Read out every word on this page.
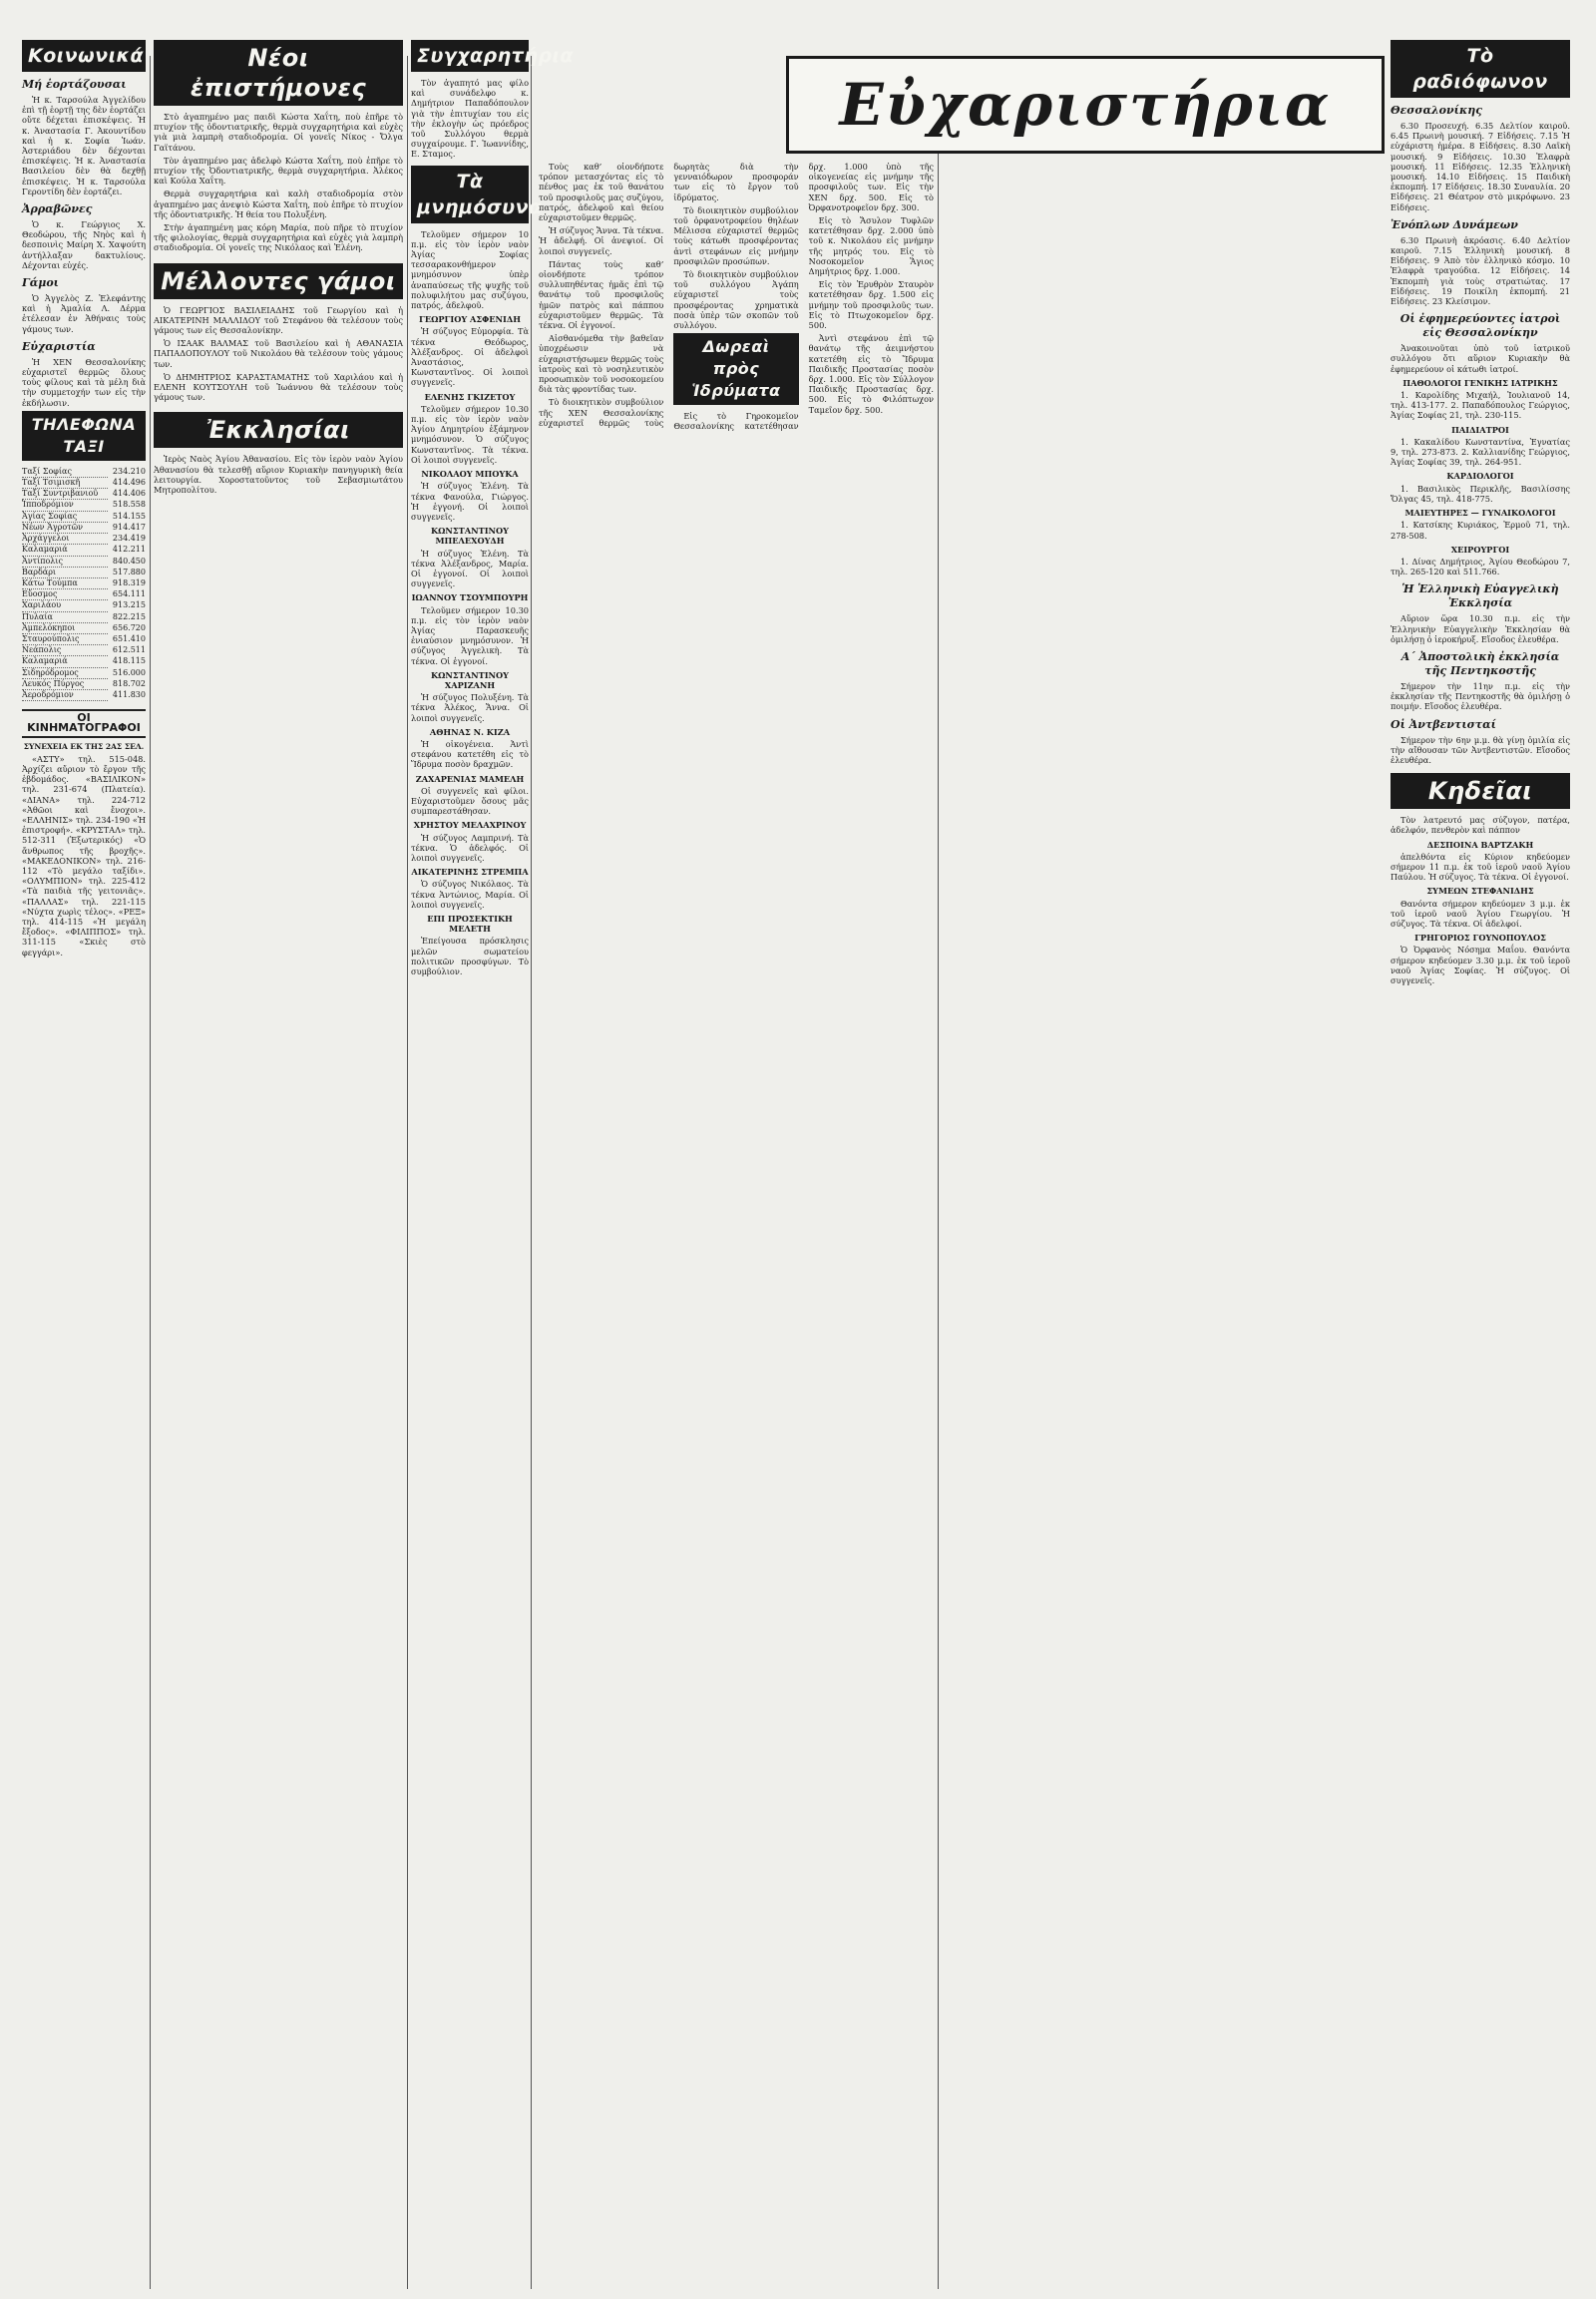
Κοινωνικά
Μή ἑορτάζουσαι

Ἡ κ. Ταρσούλα Ἀγγελίδου ἐπὶ τῇ ἑορτῇ της δὲν ἑορτάζει οὔτε δέχεται ἐπισκέψεις. Ἡ κ. Ἀναστασία Γ. Ἀκουντίδου καὶ ἡ κ. Σοφία Ἰωάν. Ἀστεριάδου δὲν δέχονται ἐπισκέψεις. Ἡ κ. Ἀναστασία Βασιλείου δὲν θὰ δεχθῇ ἐπισκέψεις. Ἡ κ. Ταρσούλα Γεροντίδη δὲν ἑορτάζει.

Ἀρραβῶνες

Ὁ κ. Γεώργιος Χ. Θεοδώρου, τῆς Νηὸς καὶ ἡ δεσποινὶς Μαίρη Χ. Χαψούτη ἀντήλλαξαν δακτυλίους. Δέχονται εὐχές.

Γάμοι

Ὁ Ἀγγελὸς Ζ. Ἐλεφάντης καὶ ἡ Ἀμαλία Λ. Δέρμα ἐτέλεσαν ἐν Ἀθήναις τοὺς γάμους των.

Εὐχαριστία

Ἡ ΧΕΝ Θεσσαλονίκης εὐχαριστεῖ θερμῶς ὅλους τοὺς φίλους καὶ τὰ μέλη διὰ τὴν συμμετοχήν των εἰς τὴν ἐκδήλωσιν.

ΤΗΛΕΦΩΝΑ ΤΑΞΙ
Ταξί Σοφίας	234.210
Ταξί Τσιμισκῆ	414.496
Ταξί Συντριβανιοῦ	414.406
Ἱπποδρόμιον	518.558
Ἁγίας Σοφίας	514.155
Νέων Ἀγροτῶν	914.417
Ἀρχάγγελοι	234.419
Καλαμαριά	412.211
Ἀντίπολις	840.450
Βαρδάρι	517.880
Κάτω Τούμπα	918.319
Εὔοσμος	654.111
Χαριλάου	913.215
Πυλαία	822.215
Ἀμπελόκηποι	656.720
Σταυρούπολις	651.410
Νεάπολις	612.511
Καλαμαριά	418.115
Σιδηρόδρομος	516.000
Λευκός Πύργος	818.702
Ἀεροδρόμιον	411.830
ΟΙ ΚΙΝΗΜΑΤΟΓΡΑΦΟΙ
ΣΥΝΕΧΕΙΑ ΕΚ ΤΗΣ 2ΑΣ ΣΕΛ.

«ΑΣΤΥ» τηλ. 515-048. Ἀρχίζει αὔριον τὸ ἔργον τῆς ἑβδομάδος. «ΒΑΣΙΛΙΚΟΝ» τηλ. 231-674 (Πλατεία). «ΔΙΑΝΑ» τηλ. 224-712 «Ἀθῶοι καὶ ἔνοχοι». «ΕΛΛΗΝΙΣ» τηλ. 234-190 «Ἡ ἐπιστροφή». «ΚΡΥΣΤΑΛ» τηλ. 512-311 (Ἐξωτερικός) «Ὁ ἄνθρωπος τῆς βροχῆς». «ΜΑΚΕΔΟΝΙΚΟΝ» τηλ. 216-112 «Τὸ μεγάλο ταξίδι». «ΟΛΥΜΠΙΟΝ» τηλ. 225-412 «Τὰ παιδιὰ τῆς γειτονιᾶς». «ΠΑΛΛΑΣ» τηλ. 221-115 «Νύχτα χωρὶς τέλος». «ΡΕΞ» τηλ. 414-115 «Ἡ μεγάλη ἔξοδος». «ΦΙΛΙΠΠΟΣ» τηλ. 311-115 «Σκιὲς στὸ φεγγάρι».

Νέοι ἐπιστήμονες

Στὸ ἀγαπημένο μας παιδὶ Κώστα Χαΐτη, ποὺ ἐπῆρε τὸ πτυχίον τῆς ὀδοντιατρικῆς, θερμὰ συγχαρητήρια καὶ εὐχὲς γιὰ μιὰ λαμπρὴ σταδιοδρομία. Οἱ γονεῖς Νίκος - Ὄλγα Γαϊτάνου.

Τὸν ἀγαπημένο μας ἀδελφὸ Κώστα Χαΐτη, ποὺ ἐπῆρε τὸ πτυχίον τῆς Ὀδοντιατρικῆς, θερμὰ συγχαρητήρια. Ἀλέκος καὶ Κούλα Χαΐτη.

Θερμὰ συγχαρητήρια καὶ καλὴ σταδιοδρομία στὸν ἀγαπημένο μας ἀνεψιὸ Κώστα Χαΐτη, ποὺ ἐπῆρε τὸ πτυχίον τῆς ὀδοντιατρικῆς. Ἡ θεία του Πολυξένη.

Στὴν ἀγαπημένη μας κόρη Μαρία, ποὺ πῆρε τὸ πτυχίον τῆς φιλολογίας, θερμὰ συγχαρητήρια καὶ εὐχὲς γιὰ λαμπρὴ σταδιοδρομία. Οἱ γονεῖς της Νικόλαος καὶ Ἑλένη.

Μέλλοντες γάμοι

Ὁ ΓΕΩΡΓΙΟΣ ΒΑΣΙΛΕΙΑΔΗΣ τοῦ Γεωργίου καὶ ἡ ΑΙΚΑΤΕΡΙΝΗ ΜΑΛΛΙΔΟΥ τοῦ Στεφάνου θὰ τελέσουν τοὺς γάμους των εἰς Θεσσαλονίκην.

Ὁ ΙΣΑΑΚ ΒΑΛΜΑΣ τοῦ Βασιλείου καὶ ἡ ΑΘΑΝΑΣΙΑ ΠΑΠΑΔΟΠΟΥΛΟΥ τοῦ Νικολάου θὰ τελέσουν τοὺς γάμους των.

Ὁ ΔΗΜΗΤΡΙΟΣ ΚΑΡΑΣΤΑΜΑΤΗΣ τοῦ Χαριλάου καὶ ἡ ΕΛΕΝΗ ΚΟΥΤΣΟΥΛΗ τοῦ Ἰωάννου θὰ τελέσουν τοὺς γάμους των.

Ἐκκλησίαι

Ἱερὸς Ναὸς Ἁγίου Ἀθανασίου. Εἰς τὸν ἱερὸν ναὸν Ἁγίου Ἀθανασίου θὰ τελεσθῇ αὔριον Κυριακὴν πανηγυρικὴ θεία λειτουργία. Χοροστατοῦντος τοῦ Σεβασμιωτάτου Μητροπολίτου.

Συγχαρητήρια

Τὸν ἀγαπητό μας φίλο καὶ συνάδελφο κ. Δημήτριον Παπαδόπουλον γιὰ τὴν ἐπιτυχίαν του εἰς τὴν ἐκλογὴν ὡς πρόεδρος τοῦ Συλλόγου θερμὰ συγχαίρουμε. Γ. Ἰωαννίδης, Ε. Σταμος.

Τὰ μνημόσυνα

Τελοῦμεν σήμερον 10 π.μ. εἰς τὸν ἱερὸν ναὸν Ἁγίας Σοφίας τεσσαρακονθήμερον μνημόσυνον ὑπὲρ ἀναπαύσεως τῆς ψυχῆς τοῦ πολυφιλήτου μας συζύγου, πατρός, ἀδελφοῦ.

ΓΕΩΡΓΙΟΥ ΑΣΦΕΝΙΔΗ

Ἡ σύζυγος Εὐμορφία. Τὰ τέκνα Θεόδωρος, Ἀλέξανδρος. Οἱ ἀδελφοὶ Ἀναστάσιος, Κωνσταντῖνος. Οἱ λοιποὶ συγγενεῖς.

ΕΛΕΝΗΣ ΓΚΙΖΕΤΟΥ

Τελοῦμεν σήμερον 10.30 π.μ. εἰς τὸν ἱερὸν ναὸν Ἁγίου Δημητρίου ἐξάμηνον μνημόσυνον. Ὁ σύζυγος Κωνσταντῖνος. Τὰ τέκνα. Οἱ λοιποὶ συγγενεῖς.

ΝΙΚΟΛΑΟΥ ΜΠΟΥΚΑ

Ἡ σύζυγος Ἐλένη. Τὰ τέκνα Φανούλα, Γιώργος. Ἡ ἐγγονή. Οἱ λοιποὶ συγγενεῖς.

ΚΩΝΣΤΑΝΤΙΝΟΥ ΜΠΕΛΕΧΟΥΔΗ

Ἡ σύζυγος Ἑλένη. Τὰ τέκνα Ἀλέξανδρος, Μαρία. Οἱ ἐγγονοί. Οἱ λοιποὶ συγγενεῖς.

ΙΩΑΝΝΟΥ ΤΣΟΥΜΠΟΥΡΗ

Τελοῦμεν σήμερον 10.30 π.μ. εἰς τὸν ἱερὸν ναὸν Ἁγίας Παρασκευῆς ἐνιαύσιον μνημόσυνον. Ἡ σύζυγος Ἀγγελικὴ. Τὰ τέκνα. Οἱ ἐγγονοί.

ΚΩΝΣΤΑΝΤΙΝΟΥ ΧΑΡΙΖΑΝΗ

Ἡ σύζυγος Πολυξένη. Τὰ τέκνα Ἀλέκος, Ἄννα. Οἱ λοιποὶ συγγενεῖς.

ΑΘΗΝΑΣ Ν. ΚΙΖΑ

Ἡ οἰκογένεια. Ἀντὶ στεφάνου κατετέθη εἰς τὸ Ἵδρυμα ποσὸν δραχμῶν.

ΖΑΧΑΡΕΝΙΑΣ ΜΑΜΕΛΗ

Οἱ συγγενεῖς καὶ φίλοι. Εὐχαριστοῦμεν ὅσους μᾶς συμπαρεστάθησαν.

ΧΡΗΣΤΟΥ ΜΕΛΑΧΡΙΝΟΥ

Ἡ σύζυγος Λαμπρινή. Τὰ τέκνα. Ὁ ἀδελφός. Οἱ λοιποὶ συγγενεῖς.

ΑΙΚΑΤΕΡΙΝΗΣ ΣΤΡΕΜΠΑ

Ὁ σύζυγος Νικόλαος. Τὰ τέκνα Ἀντώνιος, Μαρία. Οἱ λοιποὶ συγγενεῖς.

ΕΠΙ ΠΡΟΣΕΚΤΙΚΗ ΜΕΛΕΤΗ

Ἐπείγουσα πρόσκλησις μελῶν σωματείου πολιτικῶν προσφύγων. Τὸ συμβούλιον.

Εὐχαριστήρια

Τοὺς καθ’ οἱονδήποτε τρόπον μετασχόντας εἰς τὸ πένθος μας ἐκ τοῦ θανάτου τοῦ προσφιλοῦς μας συζύγου, πατρός, ἀδελφοῦ καὶ θείου εὐχαριστοῦμεν θερμῶς.

Ἡ σύζυγος Ἄννα. Τὰ τέκνα. Ἡ ἀδελφή. Οἱ ἀνεψιοί. Οἱ λοιποὶ συγγενεῖς.

Πάντας τοὺς καθ’ οἱονδήποτε τρόπον συλλυπηθέντας ἡμᾶς ἐπὶ τῷ θανάτῳ τοῦ προσφιλοῦς ἡμῶν πατρὸς καὶ πάππου εὐχαριστοῦμεν θερμῶς. Τὰ τέκνα. Οἱ ἐγγονοί.

Αἰσθανόμεθα τὴν βαθεῖαν ὑποχρέωσιν νὰ εὐχαριστήσωμεν θερμῶς τοὺς ἰατροὺς καὶ τὸ νοσηλευτικὸν προσωπικὸν τοῦ νοσοκομείου διὰ τὰς φροντίδας των.

Τὸ διοικητικὸν συμβούλιον τῆς ΧΕΝ Θεσσαλονίκης εὐχαριστεῖ θερμῶς τοὺς δωρητὰς διὰ τὴν γενναιόδωρον προσφοράν των εἰς τὸ ἔργον τοῦ ἱδρύματος.

Τὸ διοικητικὸν συμβούλιον τοῦ ὀρφανοτροφείου θηλέων Μέλισσα εὐχαριστεῖ θερμῶς τοὺς κάτωθι προσφέροντας ἀντὶ στεφάνων εἰς μνήμην προσφιλῶν προσώπων.

Τὸ διοικητικὸν συμβούλιον τοῦ συλλόγου Ἀγάπη εὐχαριστεῖ τοὺς προσφέροντας χρηματικὰ ποσὰ ὑπὲρ τῶν σκοπῶν τοῦ συλλόγου.

Δωρεαὶ πρὸς Ἱδρύματα

Εἰς τὸ Γηροκομεῖον Θεσσαλονίκης κατετέθησαν δρχ. 1.000 ὑπὸ τῆς οἰκογενείας εἰς μνήμην τῆς προσφιλοῦς των. Εἰς τὴν ΧΕΝ δρχ. 500. Εἰς τὸ Ὀρφανοτροφεῖον δρχ. 300.

Εἰς τὸ Ἄσυλον Τυφλῶν κατετέθησαν δρχ. 2.000 ὑπὸ τοῦ κ. Νικολάου εἰς μνήμην τῆς μητρός του. Εἰς τὸ Νοσοκομεῖον Ἅγιος Δημήτριος δρχ. 1.000.

Εἰς τὸν Ἐρυθρὸν Σταυρὸν κατετέθησαν δρχ. 1.500 εἰς μνήμην τοῦ προσφιλοῦς των. Εἰς τὸ Πτωχοκομεῖον δρχ. 500.

Ἀντὶ στεφάνου ἐπὶ τῷ θανάτῳ τῆς ἀειμνήστου κατετέθη εἰς τὸ Ἵδρυμα Παιδικῆς Προστασίας ποσὸν δρχ. 1.000. Εἰς τὸν Σύλλογον Παιδικῆς Προστασίας δρχ. 500. Εἰς τὸ Φιλόπτωχον Ταμεῖον δρχ. 500.

Τὸ ραδιόφωνον
Θεσσαλονίκης

6.30 Προσευχή. 6.35 Δελτίον καιροῦ. 6.45 Πρωινὴ μουσική. 7 Εἰδήσεις. 7.15 Ἡ εὐχάριστη ἡμέρα. 8 Εἰδήσεις. 8.30 Λαϊκὴ μουσική. 9 Εἰδήσεις. 10.30 Ἐλαφρὰ μουσική. 11 Εἰδήσεις. 12.35 Ἑλληνικὴ μουσική. 14.10 Εἰδήσεις. 15 Παιδικὴ ἐκπομπή. 17 Εἰδήσεις. 18.30 Συναυλία. 20 Εἰδήσεις. 21 Θέατρον στὸ μικρόφωνο. 23 Εἰδήσεις.

Ἐνόπλων Δυνάμεων

6.30 Πρωινὴ ἀκρόασις. 6.40 Δελτίον καιροῦ. 7.15 Ἑλληνικὴ μουσική. 8 Εἰδήσεις. 9 Ἀπὸ τὸν ἑλληνικὸ κόσμο. 10 Ἐλαφρὰ τραγούδια. 12 Εἰδήσεις. 14 Ἐκπομπὴ γιὰ τοὺς στρατιώτας. 17 Εἰδήσεις. 19 Ποικίλη ἐκπομπή. 21 Εἰδήσεις. 23 Κλείσιμον.

Οἱ ἐφημερεύοντες ἰατροὶ εἰς Θεσσαλονίκην

Ἀνακοινοῦται ὑπὸ τοῦ ἰατρικοῦ συλλόγου ὅτι αὔριον Κυριακὴν θὰ ἐφημερεύουν οἱ κάτωθι ἰατροί.

ΠΑΘΟΛΟΓΟΙ ΓΕΝΙΚΗΣ ΙΑΤΡΙΚΗΣ

1. Καρολίδης Μιχαήλ, Ἰουλιανοῦ 14, τηλ. 413-177. 2. Παπαδόπουλος Γεώργιος, Ἁγίας Σοφίας 21, τηλ. 230-115.

ΠΑΙΔΙΑΤΡΟΙ

1. Κακαλίδου Κωνσταντίνα, Ἐγνατίας 9, τηλ. 273-873. 2. Καλλιανίδης Γεώργιος, Ἁγίας Σοφίας 39, τηλ. 264-951.

ΚΑΡΔΙΟΛΟΓΟΙ

1. Βασιλικὸς Περικλῆς, Βασιλίσσης Ὄλγας 45, τηλ. 418-775.

ΜΑΙΕΥΤΗΡΕΣ — ΓΥΝΑΙΚΟΛΟΓΟΙ

1. Κατσίκης Κυριάκος, Ἑρμοῦ 71, τηλ. 278-508.

ΧΕΙΡΟΥΡΓΟΙ

1. Δίνας Δημήτριος, Ἁγίου Θεοδώρου 7, τηλ. 265-120 καὶ 511.766.

Ἡ Ἑλληνικὴ Εὐαγγελικὴ Ἐκκλησία

Αὔριον ὥρα 10.30 π.μ. εἰς τὴν Ἑλληνικὴν Εὐαγγελικὴν Ἐκκλησίαν θὰ ὁμιλήσῃ ὁ ἱεροκήρυξ. Εἴσοδος ἐλευθέρα.

Α΄ Ἀποστολικὴ ἐκκλησία τῆς Πεντηκοστῆς

Σήμερον τὴν 11ην π.μ. εἰς τὴν ἐκκλησίαν τῆς Πεντηκοστῆς θὰ ὁμιλήσῃ ὁ ποιμήν. Εἴσοδος ἐλευθέρα.

Οἱ Ἀντβεντισταί

Σήμερον τὴν 6ην μ.μ. θὰ γίνῃ ὁμιλία εἰς τὴν αἴθουσαν τῶν Ἀντβεντιστῶν. Εἴσοδος ἐλευθέρα.

Κηδεῖαι

Τὸν λατρευτό μας σύζυγον, πατέρα, ἀδελφόν, πενθερὸν καὶ πάππον

ΔΕΣΠΟΙΝΑ ΒΑΡΤΖΑΚΗ

ἀπελθόντα εἰς Κύριον κηδεύομεν σήμερον 11 π.μ. ἐκ τοῦ ἱεροῦ ναοῦ Ἁγίου Παύλου. Ἡ σύζυγος. Τὰ τέκνα. Οἱ ἐγγονοί.

ΣΥΜΕΩΝ ΣΤΕΦΑΝΙΔΗΣ

Θανόντα σήμερον κηδεύομεν 3 μ.μ. ἐκ τοῦ ἱεροῦ ναοῦ Ἁγίου Γεωργίου. Ἡ σύζυγος. Τὰ τέκνα. Οἱ ἀδελφοί.

ΓΡΗΓΟΡΙΟΣ ΓΟΥΝΟΠΟΥΛΟΣ

Ὁ Ὀρφανὸς Νόσημα Μαΐου. Θανόντα σήμερον κηδεύομεν 3.30 μ.μ. ἐκ τοῦ ἱεροῦ ναοῦ Ἁγίας Σοφίας. Ἡ σύζυγος. Οἱ συγγενεῖς.
